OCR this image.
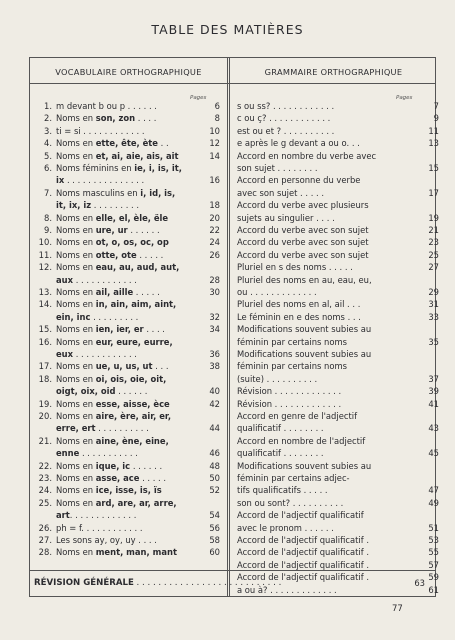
TABLE DES MATIÈRES
VOCABULAIRE ORTHOGRAPHIQUE	GRAMMAIRE ORTHOGRAPHIQUE
Pages	Pages
1. m devant b ou p . . . . . .	6
2. Noms en son, zon . . . .	8
3. ti = si . . . . . . . . . . . .	10
4. Noms en ette, ête, ète . .	12
5. Noms en et, ai, aie, ais, ait	14
6. Noms féminins en ie, i, is, it,
ix . . . . . . . . . . . . . . .	16
7. Noms masculins en i, id, is,
it, ix, iz . . . . . . . . .	18
8. Noms en elle, el, èle, ële	20
9. Noms en ure, ur . . . . . .	22
10. Noms en ot, o, os, oc, op	24
11. Noms en otte, ote . . . . .	26
12. Noms en eau, au, aud, aut,
aux . . . . . . . . . . . .	28
13. Noms en ail, aille . . . . .	30
14. Noms en in, ain, aim, aint,
ein, inc . . . . . . . . .	32
15. Noms en ien, ier, er . . . .	34
16. Noms en eur, eure, eurre,
eux . . . . . . . . . . . .	36
17. Noms en ue, u, us, ut . . .	38
18. Noms en oi, ois, oie, oit,
oigt, oix, oid . . . . . .	40
19. Noms en esse, aisse, èce	42
20. Noms en aire, ère, air, er,
erre, ert . . . . . . . . . .	44
21. Noms en aine, ène, eine,
enne . . . . . . . . . . .	46
22. Noms en ique, ic . . . . . .	48
23. Noms en asse, ace . . . . .	50
24. Noms en ice, isse, is, ïs	52
25. Noms en ard, are, ar, arre,
art. . . . . . . . . . . . .	54
26. ph = f. . . . . . . . . . . .	56
27. Les sons ay, oy, uy . . . .	58
28. Noms en ment, man, mant	60
s ou ss? . . . . . . . . . . . .	7
c ou ç? . . . . . . . . . . . .	9
est ou et ? . . . . . . . . . .	11
e après le g devant a ou o. . .	13
Accord en nombre du verbe avec
son sujet . . . . . . . .	15
Accord en personne du verbe
avec son sujet . . . . .	17
Accord du verbe avec plusieurs
sujets au singulier . . . .	19
Accord du verbe avec son sujet	21
Accord du verbe avec son sujet	23
Accord du verbe avec son sujet	25
Pluriel en s des noms . . . . .	27
Pluriel des noms en au, eau, eu,
ou . . . . . . . . . . . . .	29
Pluriel des noms en al, ail . . .	31
Le féminin en e des noms . . .	33
Modifications souvent subies au
féminin par certains noms	35
Modifications souvent subies au
féminin par certains noms
(suite) . . . . . . . . . .	37
Révision . . . . . . . . . . . . .	39
Révision . . . . . . . . . . . . .	41
Accord en genre de l'adjectif
qualificatif . . . . . . . .	43
Accord en nombre de l'adjectif
qualificatif . . . . . . . .	45
Modifications souvent subies au
féminin par certains adjec-
tifs qualificatifs . . . . .	47
son ou sont? . . . . . . . . . .	49
Accord de l'adjectif qualificatif
avec le pronom . . . . . .	51
Accord de l'adjectif qualificatif .	53
Accord de l'adjectif qualificatif .	55
Accord de l'adjectif qualificatif .	57
Accord de l'adjectif qualificatif .	59
a ou à? . . . . . . . . . . . . .	61
RÉVISION GÉNÉRALE . . . . . . . . . . . . . . . . . . . . . . . . . . .	63
77
